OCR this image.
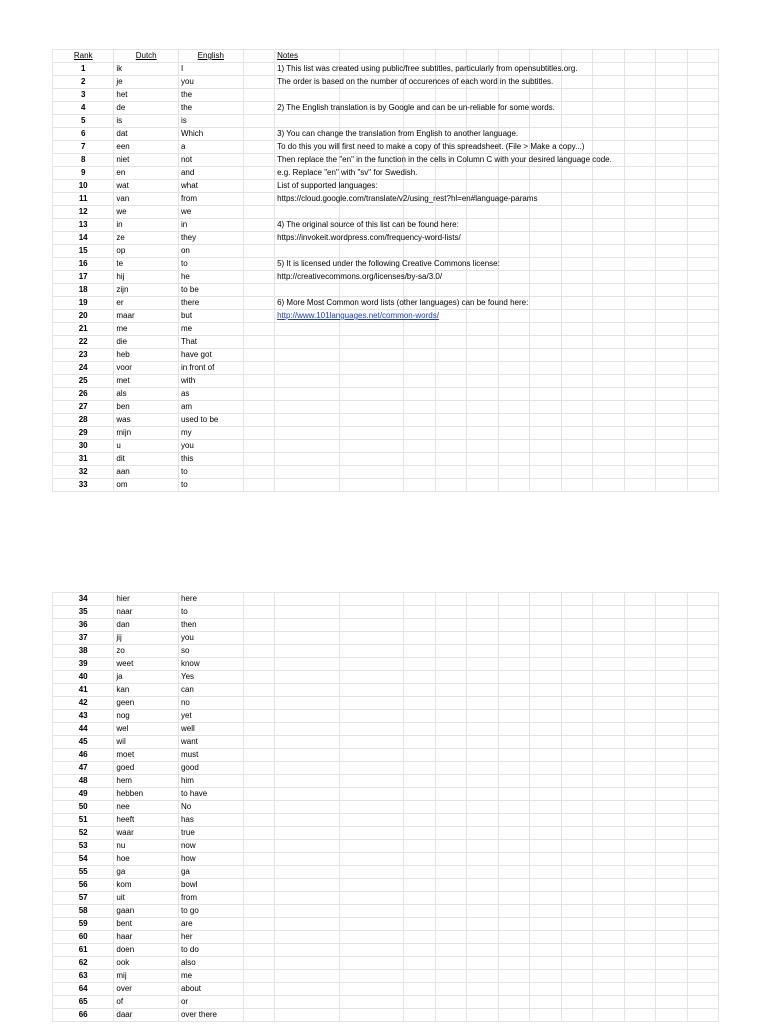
Rank	Dutch	English		Notes											
1	ik	I		1) This list was created using public/free subtitles, particularly from opensubtitles.org.											

2	je	you		The order is based on the number of occurences of each word in the subtitles.											

3	het	the													
4	de	the		2) The English translation is by Google and can be un-reliable for some words.											

5	is	is													
6	dat	Which		3) You can change the translation from English to another language.											

7	een	a		To do this you will first need to make a copy of this spreadsheet. (File > Make a copy...)											

8	niet	not		Then replace the "en" in the function in the cells in Column C with your desired language code.											

9	en	and		e.g. Replace "en" with "sv" for Swedish.											

10	wat	what		List of supported languages:											

11	van	from		https://cloud.google.com/translate/v2/using_rest?hl=en#language-params											

12	we	we													
13	in	in		4) The original source of this list can be found here:											

14	ze	they		https://invokeit.wordpress.com/frequency-word-lists/											

15	op	on													
16	te	to		5) It is licensed under the following Creative Commons license:											

17	hij	he		http://creativecommons.org/licenses/by-sa/3.0/											

18	zijn	to be													
19	er	there		6) More Most Common word lists (other languages) can be found here:											

20	maar	but		http://www.101languages.net/common-words/											

21	me	me													
22	die	That													
23	heb	have got													
24	voor	in front of													
25	met	with													
26	als	as													
27	ben	am													
28	was	used to be													
29	mijn	my													
30	u	you													
31	dit	this													
32	aan	to													
33	om	to													
34	hier	here													
35	naar	to													
36	dan	then													
37	jij	you													
38	zo	so													
39	weet	know													
40	ja	Yes													
41	kan	can													
42	geen	no													
43	nog	yet													
44	wel	well													
45	wil	want													
46	moet	must													
47	goed	good													
48	hem	him													
49	hebben	to have													
50	nee	No													
51	heeft	has													
52	waar	true													
53	nu	now													
54	hoe	how													
55	ga	ga													
56	kom	bowl													
57	uit	from													
58	gaan	to go													
59	bent	are													
60	haar	her													
61	doen	to do													
62	ook	also													
63	mij	me													
64	over	about													
65	of	or													
66	daar	over there													
